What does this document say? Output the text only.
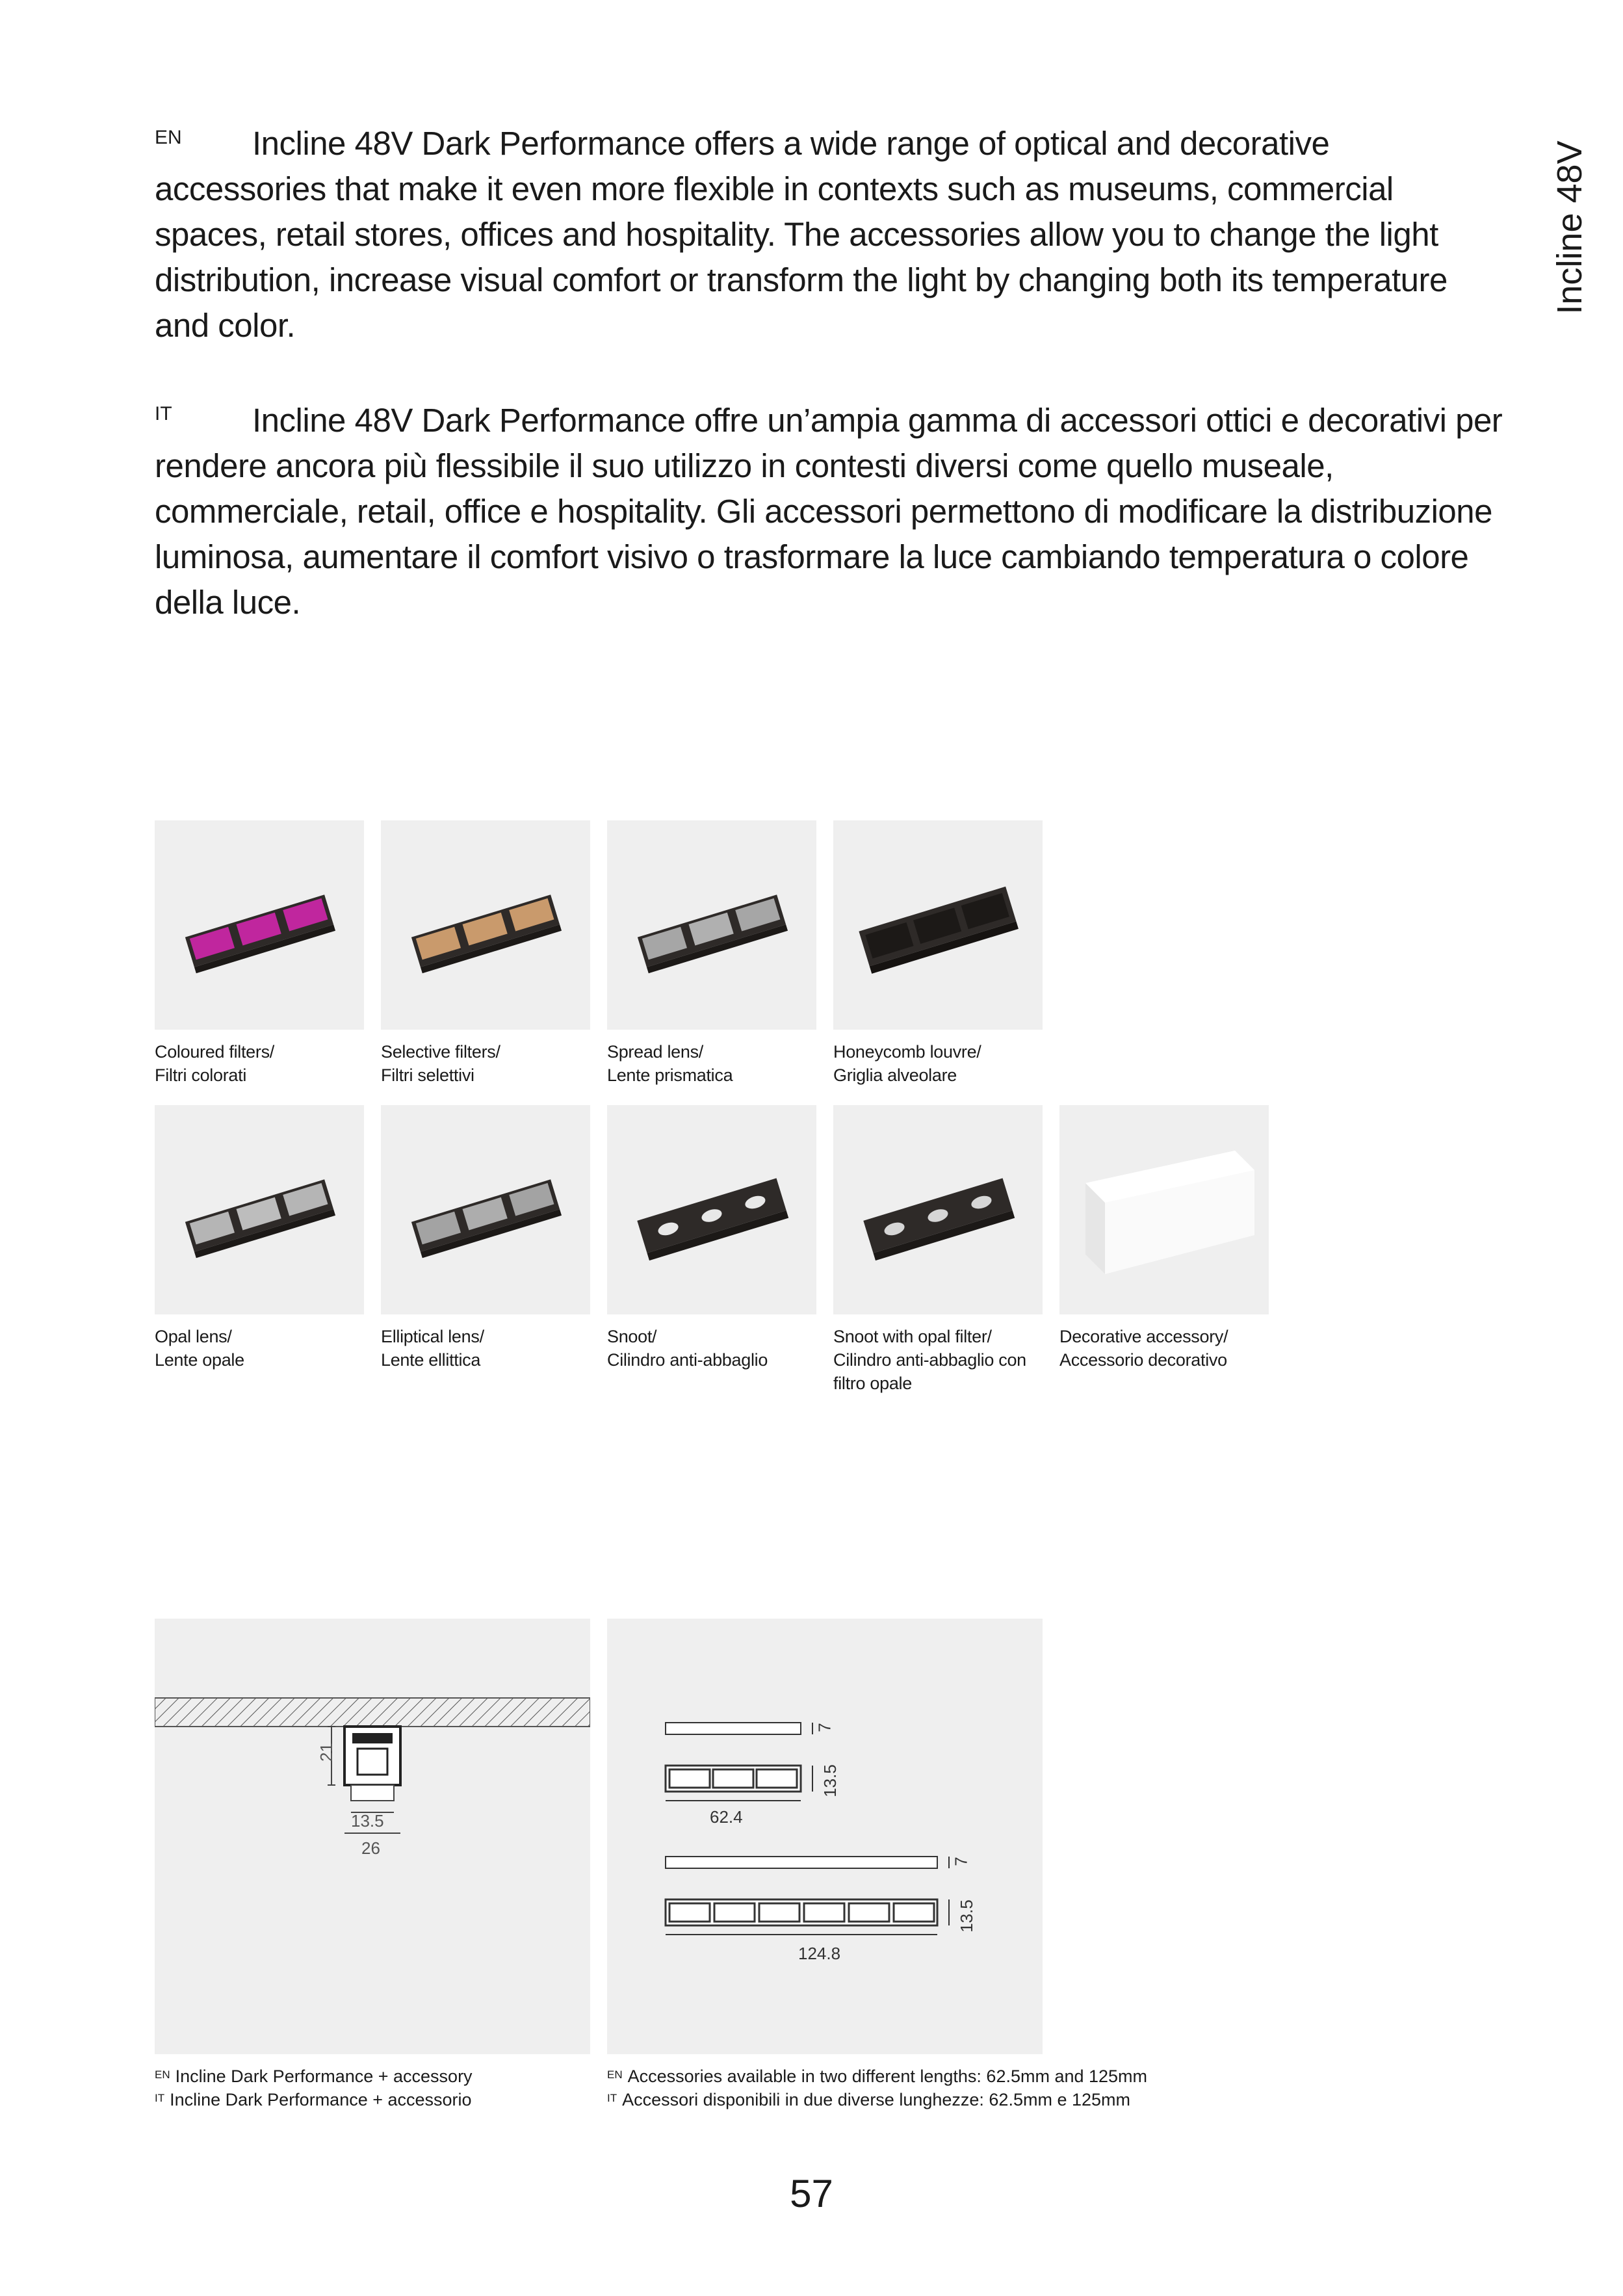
Incline 48V
EN	Incline 48V Dark Performance offers a wide range of optical and decorative accessories that make it even more flexible in contexts such as museums, commercial spaces, retail stores, offices and hospitality. The accessories allow you to change the light distribution, increase visual comfort or transform the light by changing both its temperature and color.
IT	Incline 48V Dark Performance offre un’ampia gamma di accessori ottici e decorativi per rendere ancora più flessibile il suo utilizzo in contesti diversi come quello museale, commerciale, retail, office e hospitality. Gli accessori permettono di modificare la distribuzione luminosa, aumentare il comfort visivo o trasformare la luce cambiando temperatura o colore della luce.
Coloured filters/
Filtri colorati
Selective filters/
Filtri selettivi
Spread lens/
Lente prismatica
Honeycomb louvre/
Griglia alveolare
Opal lens/
Lente opale
Elliptical lens/
Lente ellittica
Snoot/
Cilindro anti-abbaglio
Snoot with opal filter/
Cilindro anti-abbaglio con filtro opale
Decorative accessory/
Accessorio decorativo
21
13.5
26
7
13.5
62.4
7
13.5
124.8
$^{EN}$ Incline Dark Performance + accessory
$^{IT}$ Incline Dark Performance + accessorio
$^{EN}$ Accessories available in two different lengths: 62.5mm and 125mm
$^{IT}$ Accessori disponibili in due diverse lunghezze: 62.5mm e 125mm
57
